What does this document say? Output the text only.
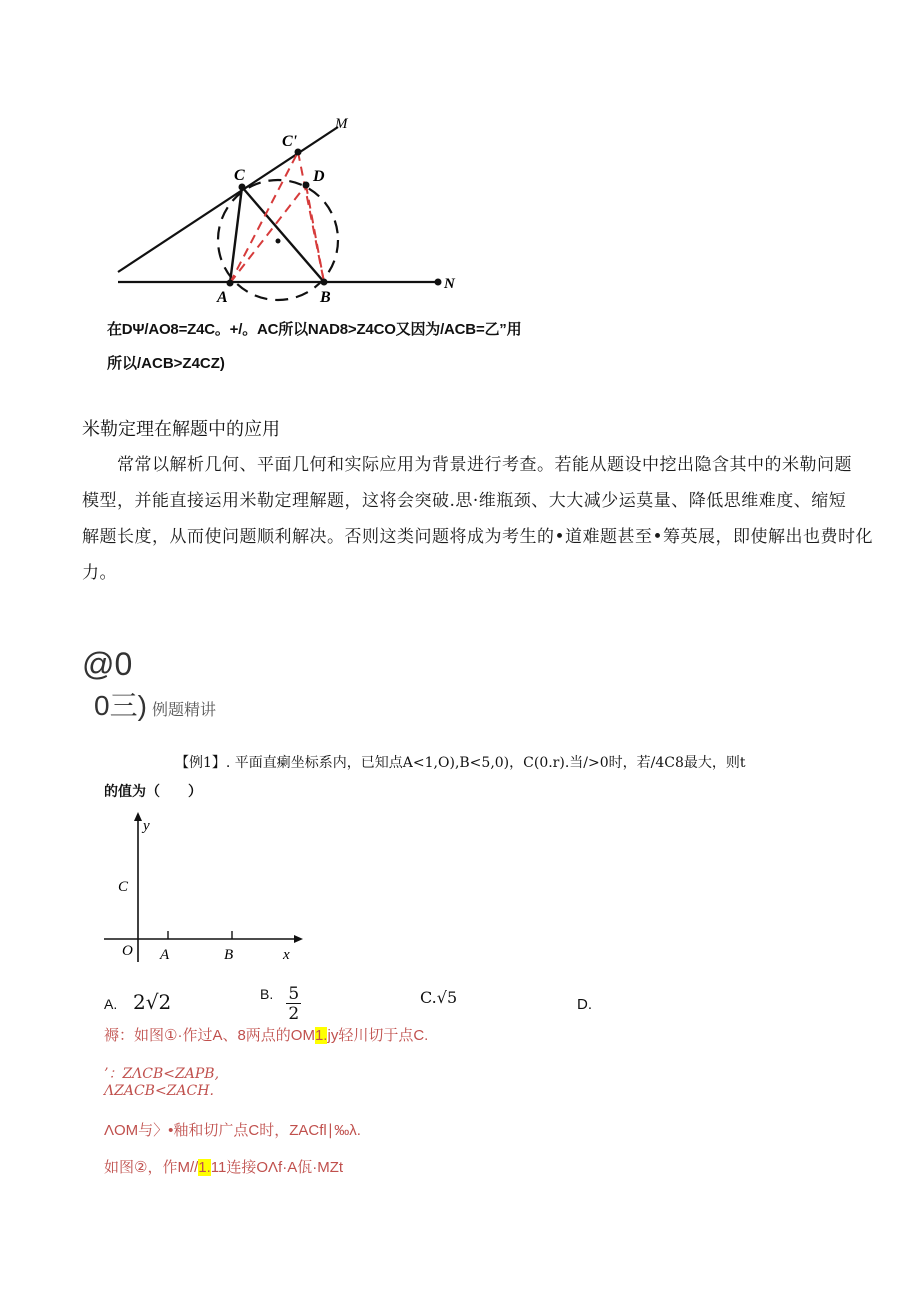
M
C'
C	D
A	B
N
在DΨ/AO8=Z4C。+/。AC所以NAD8>Z4CO又因为/ACB=乙”用
所以/ACB>Z4CZ)
米勒定理在解题中的应用
常常以解析几何、平面几何和实际应用为背景进行考查。若能从题设中挖出隐含其中的米勒问题
模型，并能直接运用米勒定理解题，这将会突破.思·维瓶颈、大大减少运莫量、降低思维难度、缩短
解题长度，从而使问题顺利解决。否则这类问题将成为考生的•道难题甚至•筹英展，即使解出也费时化
力。
@0
0三) 例题精讲
【例1】. 平面直瘌坐标系内，已知点A<1,O),B<5,0)，C(0.r).当/>0时，若/4C8最大，则t
的值为（　　）
y
C
O A	B	x
A. 2√2	B. $\frac{5}{2}$	C.√5	D.
褥：如图①·作过A、8两点的OM1.jy轻川切于点C.
’：ZΛCB<ZAPB,
ΛZACB<ZACH.
ΛOM与〉•釉和切广点C时，ZACfl∣‰λ.
如图②，作M//1.11连接OΛf·A佤·MZt
